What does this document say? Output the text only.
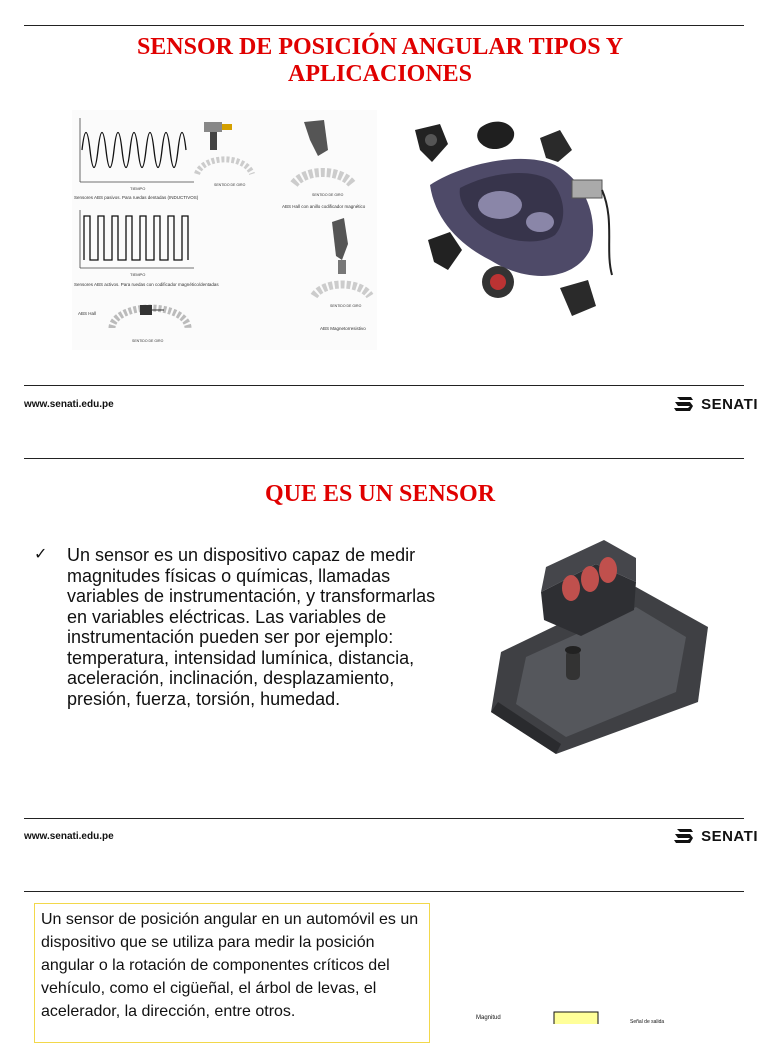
SENSOR DE POSICIÓN ANGULAR TIPOS Y APLICACIONES
TIEMPO
Sensores ABS pasivos. Para ruedas dentadas (INDUCTIVOS)
TIEMPO
Sensores ABS activos. Para ruedas con codificador magnético/dentadas
ABS Hall
SENTIDO DE GIRO
SENTIDO DE GIRO
SENTIDO DE GIRO
ABS Hall con anillo codificador magnético
SENTIDO DE GIRO
ABS Magnetorresistivo
www.senati.edu.pe	SENATI
QUE ES UN SENSOR
✓ Un sensor es un dispositivo capaz de medir magnitudes físicas o químicas, llamadas variables de instrumentación, y transformarlas en variables eléctricas. Las variables de instrumentación pueden ser por ejemplo: temperatura, intensidad lumínica, distancia, aceleración, inclinación, desplazamiento, presión, fuerza, torsión, humedad.
www.senati.edu.pe	SENATI
Un sensor de posición angular en un automóvil es un dispositivo que se utiliza para medir la posición angular o la rotación de componentes críticos del vehículo, como el cigüeñal, el árbol de levas, el acelerador, la dirección, entre otros.	Magnitud
Señal de salida
